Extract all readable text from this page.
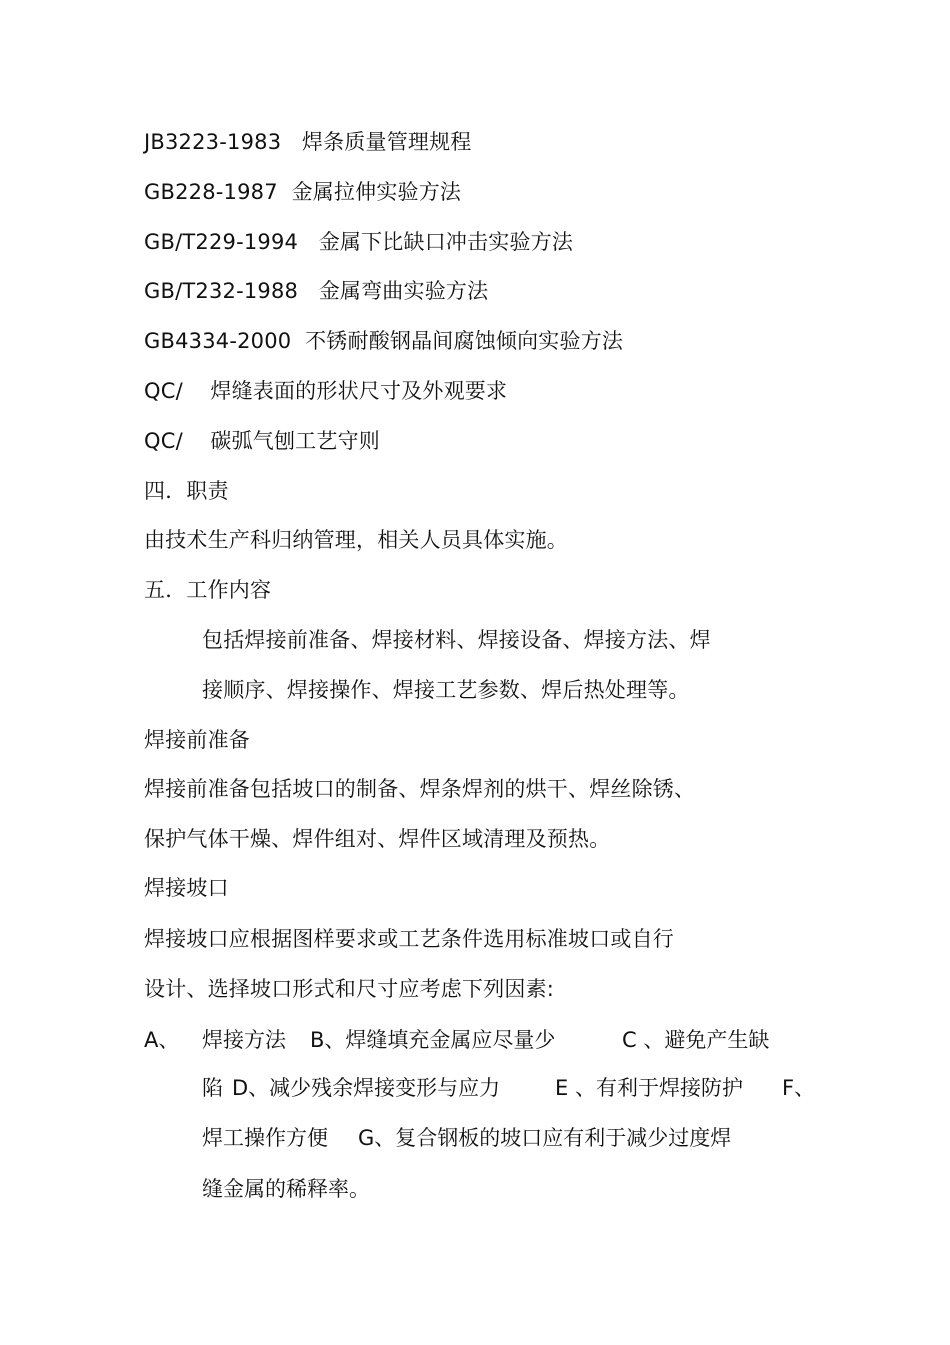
JB3223-1983   焊条质量管理规程
GB228-1987  金属拉伸实验方法
GB/T229-1994   金属下比缺口冲击实验方法
GB/T232-1988   金属弯曲实验方法
GB4334-2000  不锈耐酸钢晶间腐蚀倾向实验方法
QC/    焊缝表面的形状尺寸及外观要求
QC/    碳弧气刨工艺守则
四．职责
由技术生产科归纳管理，相关人员具体实施。
五．工作内容
包括焊接前准备、焊接材料、焊接设备、焊接方法、焊
接顺序、焊接操作、焊接工艺参数、焊后热处理等。
焊接前准备
焊接前准备包括坡口的制备、焊条焊剂的烘干、焊丝除锈、
保护气体干燥、焊件组对、焊件区域清理及预热。
焊接坡口
焊接坡口应根据图样要求或工艺条件选用标准坡口或自行
设计、选择坡口形式和尺寸应考虑下列因素:
A、 焊接方法 B、焊缝填充金属应尽量少	C 、避免产生缺
陷 D、减少残余焊接变形与应力	E 、有利于焊接防护 F、
焊工操作方便 G、复合钢板的坡口应有利于减少过度焊
缝金属的稀释率。
